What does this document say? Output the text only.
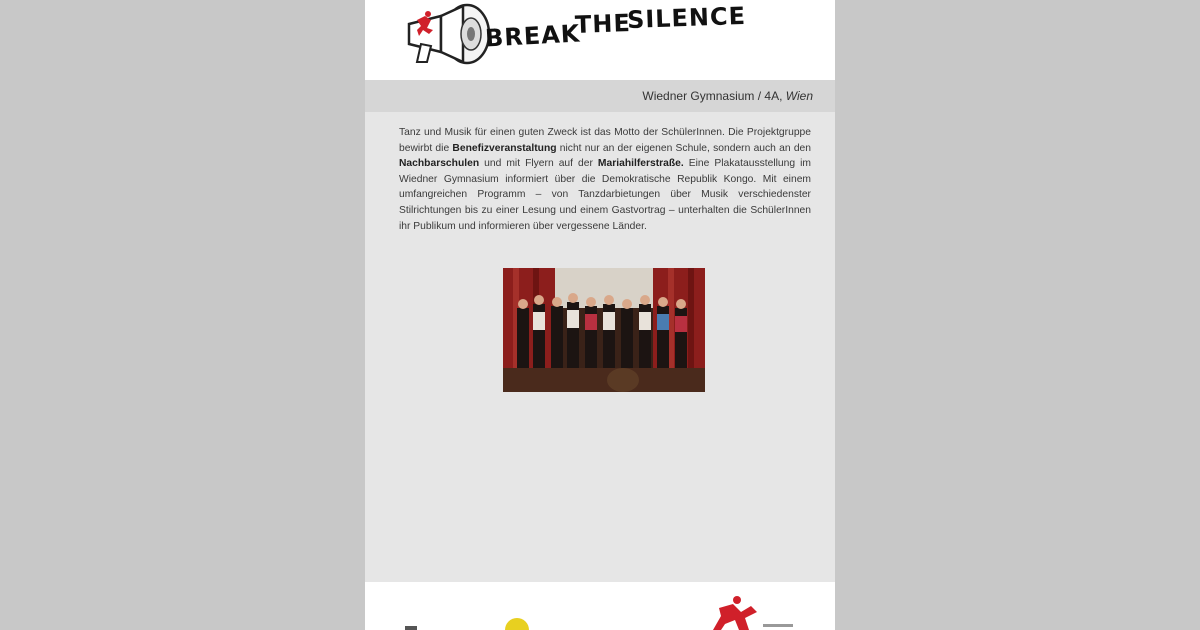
BREAK
THE
SILENCE
Wiedner Gymnasium / 4A, Wien
Tanz und Musik für einen guten Zweck ist das Motto der SchülerInnen. Die Projektgruppe bewirbt die Benefizveranstaltung nicht nur an der eigenen Schule, sondern auch an den Nachbarschulen und mit Flyern auf der Mariahilferstraße. Eine Plakatausstellung im Wiedner Gymnasium informiert über die Demokratische Republik Kongo. Mit einem umfangreichen Programm – von Tanzdarbietungen über Musik verschiedenster Stilrichtungen bis zu einer Lesung und einem Gastvortrag – unterhalten die SchülerInnen ihr Publikum und informieren über vergessene Länder.
